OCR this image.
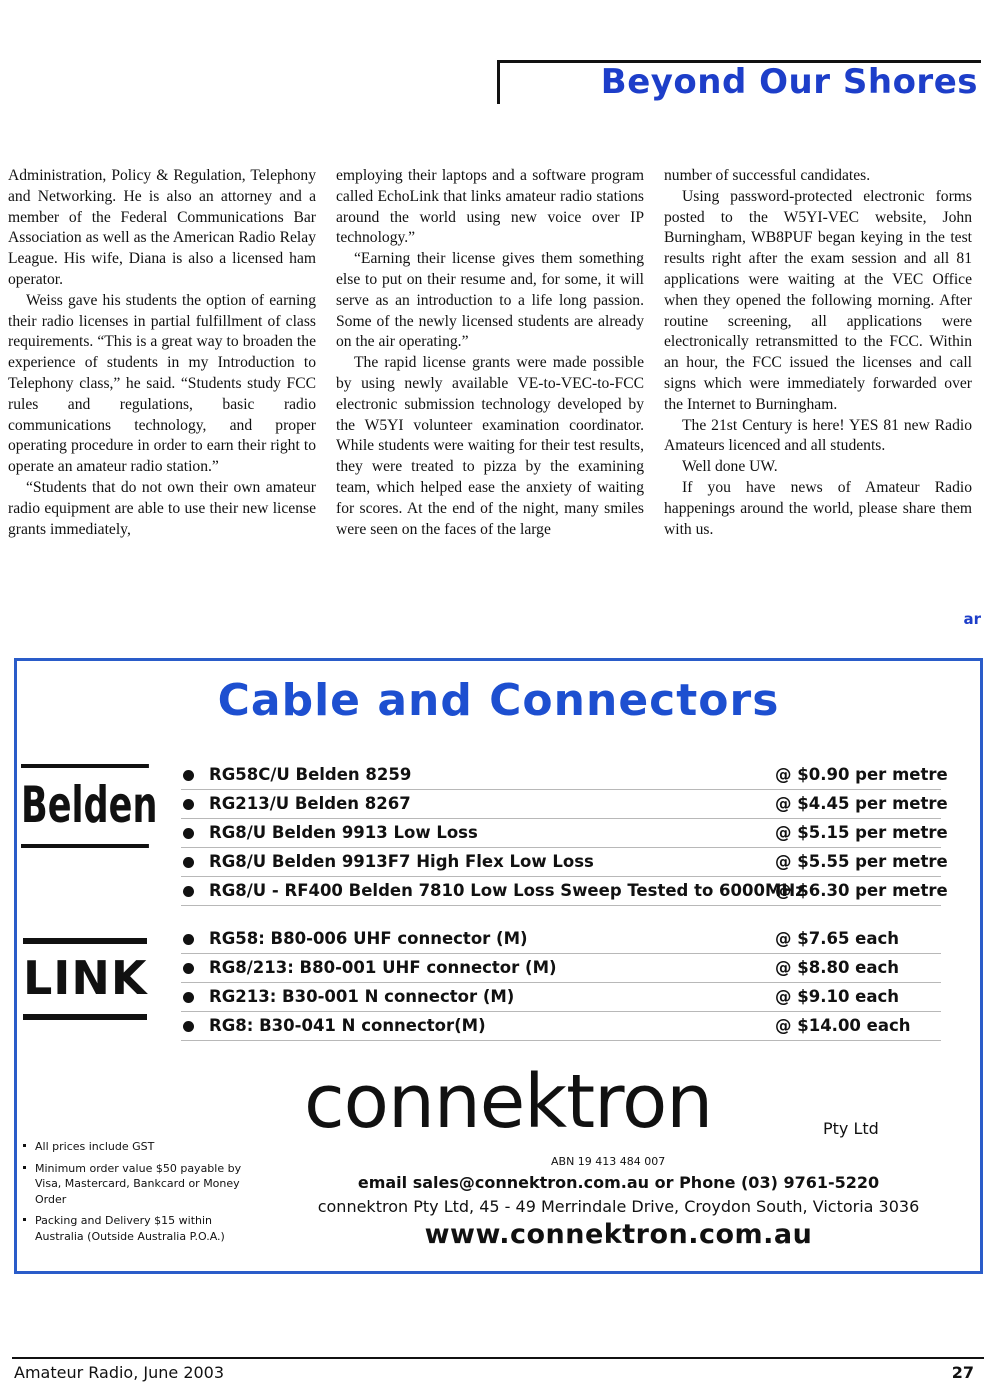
Beyond Our Shores

Administration, Policy & Regulation, Telephony and Networking. He is also an attorney and a member of the Federal Communications Bar Association as well as the American Radio Relay League. His wife, Diana is also a licensed ham operator.

Weiss gave his students the option of earning their radio licenses in partial fulfillment of class requirements. “This is a great way to broaden the experience of students in my Introduction to Telephony class,” he said. “Students study FCC rules and regulations, basic radio communications technology, and proper operating procedure in order to earn their right to operate an amateur radio station.”

“Students that do not own their own amateur radio equipment are able to use their new license grants immediately,

employing their laptops and a software program called EchoLink that links amateur radio stations around the world using new voice over IP technology.”

“Earning their license gives them something else to put on their resume and, for some, it will serve as an introduction to a life long passion. Some of the newly licensed students are already on the air operating.”

The rapid license grants were made possible by using newly available VE-to-VEC-to-FCC electronic submission technology developed by the W5YI volunteer examination coordinator. While students were waiting for their test results, they were treated to pizza by the examining team, which helped ease the anxiety of waiting for scores. At the end of the night, many smiles were seen on the faces of the large

number of successful candidates.

Using password-protected electronic forms posted to the W5YI-VEC website, John Burningham, WB8PUF began keying in the test results right after the exam session and all 81 applications were waiting at the VEC Office when they opened the following morning. After routine screening, all applications were electronically retransmitted to the FCC. Within an hour, the FCC issued the licenses and call signs which were immediately forwarded over the Internet to Burningham.

The 21st Century is here! YES 81 new Radio Amateurs licenced and all students.

Well done UW.

If you have news of Amateur Radio happenings around the world, please share them with us.

ar
Cable and Connectors
Belden
LINK
RG58C/U Belden 8259	@ $0.90 per metre
RG213/U Belden 8267	@ $4.45 per metre
RG8/U Belden 9913 Low Loss	@ $5.15 per metre
RG8/U Belden 9913F7 High Flex Low Loss	@ $5.55 per metre
RG8/U - RF400 Belden 7810 Low Loss Sweep Tested to 6000MHz
@ $6.30 per metre
RG58: B80-006 UHF connector (M)	@ $7.65 each
RG8/213: B80-001 UHF connector (M)	@ $8.80 each
RG213: B30-001 N connector (M)	@ $9.10 each
RG8: B30-041 N connector(M)	@ $14.00 each
connektron	Pty Ltd
ABN 19 413 484 007
email sales@connektron.com.au or Phone (03) 9761-5220
connektron Pty Ltd, 45 - 49 Merrindale Drive, Croydon South, Victoria 3036
www.connektron.com.au
All prices include GST
Minimum order value $50 payable by Visa, Mastercard, Bankcard or Money Order
Packing and Delivery $15 within Australia (Outside Australia P.O.A.)
Amateur Radio, June 2003	27
